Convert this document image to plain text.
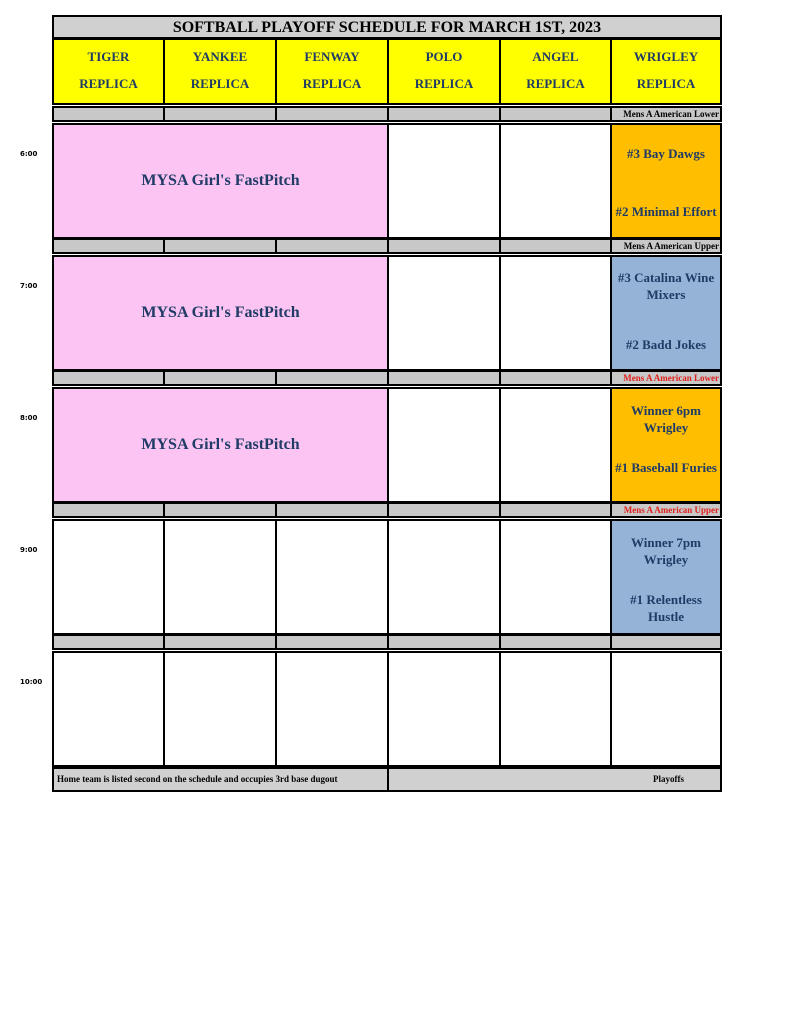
SOFTBALL PLAYOFF SCHEDULE FOR MARCH 1ST, 2023
TIGER
REPLICA
YANKEE
REPLICA
FENWAY
REPLICA
POLO
REPLICA
ANGEL
REPLICA
WRIGLEY
REPLICA
Mens A American Lower
6:00
MYSA Girl's FastPitch
#3 Bay Dawgs
#2 Minimal Effort
Mens A American Upper
7:00
MYSA Girl's FastPitch
#3 Catalina Wine Mixers
#2 Badd Jokes
Mens A American Lower
8:00
MYSA Girl's FastPitch
Winner 6pm Wrigley
#1 Baseball Furies
Mens A American Upper
9:00	Winner 7pm Wrigley
#1 Relentless Hustle
10:00
Home team is listed second on the schedule and occupies 3rd base dugout	Playoffs
